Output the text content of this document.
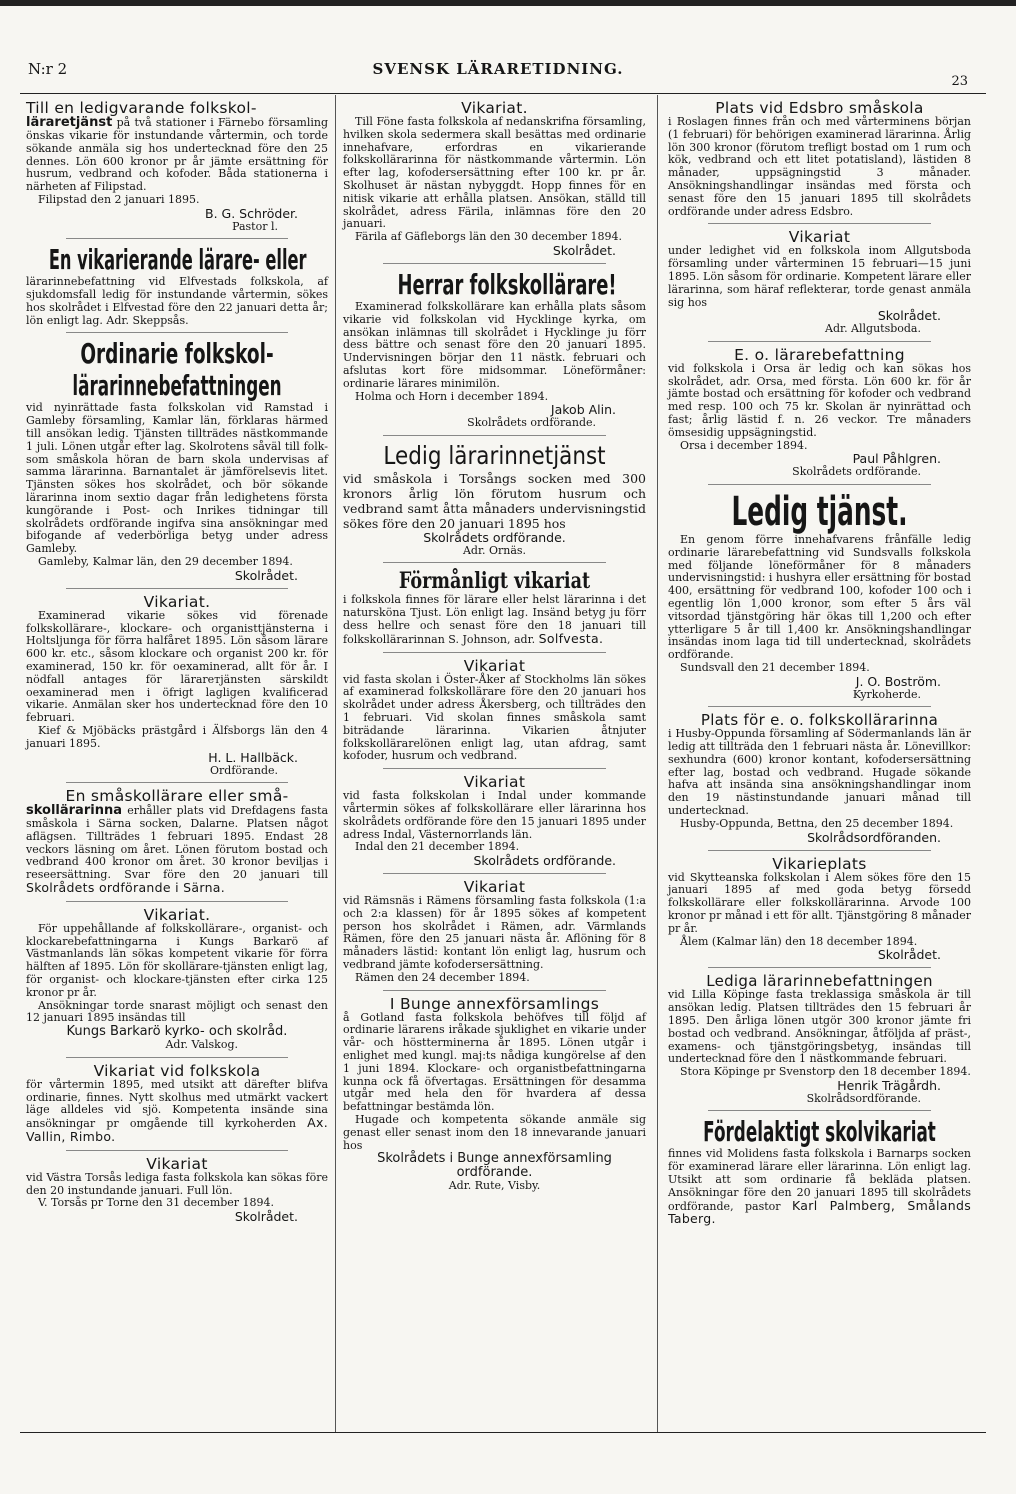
N:r 2	SVENSK LÄRARETIDNING.
23

Till en ledigvarande folkskol-

läraretjänst på två stationer i Färnebo församling önskas vikarie för instundande vårtermin, och torde sökande anmäla sig hos undertecknad före den 25 dennes. Lön 600 kronor pr år jämte ersättning för husrum, vedbrand och kofoder. Båda stationerna i närheten af Filipstad.

Filipstad den 2 januari 1895.

B. G. Schröder.
Pastor l.

En vikarierande lärare- eller

lärarinnebefattning vid Elfvestads folkskola, af sjukdomsfall ledig för instundande vårtermin, sökes hos skolrådet i Elfvestad före den 22 januari detta år; lön enligt lag. Adr. Skeppsås.

Ordinarie folkskol-

lärarinnebefattningen

vid nyinrättade fasta folkskolan vid Ramstad i Gamleby församling, Kamlar län, förklaras härmed till ansökan ledig. Tjänsten tillträdes nästkommande 1 juli. Lönen utgår efter lag. Skolrotens såväl till folk- som småskola höran de barn skola undervisas af samma lärarinna. Barnantalet är jämförelsevis litet. Tjänsten sökes hos skolrådet, och bör sökande lärarinna inom sextio dagar från ledighetens första kungörande i Post- och Inrikes tidningar till skolrådets ordförande ingifva sina ansökningar med bifogande af vederbörliga betyg under adress Gamleby.

Gamleby, Kalmar län, den 29 december 1894.

Skolrådet.

Vikariat.

Examinerad vikarie sökes vid förenade folkskollärare-, klockare- och organisttjänsterna i Holtsljunga för förra halfåret 1895. Lön såsom lärare 600 kr. etc., såsom klockare och organist 200 kr. för examinerad, 150 kr. för oexaminerad, allt för år. I nödfall antages för lärarетjänsten särskildt oexaminerad men i öfrigt lagligen kvalificerad vikarie. Anmälan sker hos undertecknad före den 10 februari.

Kief & Mjöbäcks prästgård i Älfsborgs län den 4 januari 1895.

H. L. Hallbäck.
Ordförande.

En småskollärare eller små-

skollärarinna erhåller plats vid Drefdagens fasta småskola i Särna socken, Dalarne. Platsen något aflägsen. Tillträdes 1 februari 1895. Endast 28 veckors läsning om året. Lönen förutom bostad och vedbrand 400 kronor om året. 30 kronor beviljas i reseersättning. Svar före den 20 januari till Skolrådets ordförande i Särna.

Vikariat.

För uppehållande af folkskollärare-, organist- och klockarebefattningarna i Kungs Barkarö af Västmanlands län sökas kompetent vikarie för förra hälften af 1895. Lön för skollärare-tjänsten enligt lag, för organist- och klockare-tjänsten efter cirka 125 kronor pr år.

Ansökningar torde snarast möjligt och senast den 12 januari 1895 insändas till

Kungs Barkarö kyrko- och skolråd.
Adr. Valskog.

Vikariat vid folkskola

för vårtermin 1895, med utsikt att därefter blifva ordinarie, finnes. Nytt skolhus med utmärkt vackert läge alldeles vid sjö. Kompetenta insände sina ansökningar pr omgående till kyrkoherden Ax. Vallin, Rimbo.

Vikariat

vid Västra Torsås lediga fasta folkskola kan sökas före den 20 instundande januari. Full lön.

V. Torsås pr Torne den 31 december 1894.

Skolrådet.

Vikariat.

Till Föne fasta folkskola af nedanskrifna församling, hvilken skola sedermera skall besättas med ordinarie innehafvare, erfordras en vikarierande folkskollärarinna för nästkommande vårtermin. Lön efter lag, kofodersersättning efter 100 kr. pr år. Skolhuset är nästan nybyggdt. Hopp finnes för en nitisk vikarie att erhålla platsen. Ansökan, ställd till skolrådet, adress Färila, inlämnas före den 20 januari.

Färila af Gäfleborgs län den 30 december 1894.

Skolrådet.

Herrar folkskollärare!

Examinerad folkskollärare kan erhålla plats såsom vikarie vid folkskolan vid Hycklinge kyrka, om ansökan inlämnas till skolrådet i Hycklinge ju förr dess bättre och senast före den 20 januari 1895. Undervisningen börjar den 11 nästk. februari och afslutas kort före midsommar. Löneförmåner: ordinarie lärares minimilön.

Holma och Horn i december 1894.

Jakob Alin.
Skolrådets ordförande.

Ledig lärarinnetjänst

vid småskola i Torsångs socken med 300 kronors årlig lön förutom husrum och vedbrand samt åtta månaders undervisningstid sökes före den 20 januari 1895 hos

Skolrådets ordförande.
Adr. Ornäs.

Förmånligt vikariat

i folkskola finnes för lärare eller helst lärarinna i det natursköna Tjust. Lön enligt lag. Insänd betyg ju förr dess hellre och senast före den 18 januari till folkskollärarinnan S. Johnson, adr. Solfvesta.

Vikariat

vid fasta skolan i Öster-Åker af Stockholms län sökes af examinerad folkskollärare före den 20 januari hos skolrådet under adress Åkersberg, och tillträdes den 1 februari. Vid skolan finnes småskola samt biträdande lärarinna. Vikarien åtnjuter folkskollärarelönen enligt lag, utan afdrag, samt kofoder, husrum och vedbrand.

Vikariat

vid fasta folkskolan i Indal under kommande vårtermin sökes af folkskollärare eller lärarinna hos skolrådets ordförande före den 15 januari 1895 under adress Indal, Västernorrlands län.

Indal den 21 december 1894.

Skolrådets ordförande.

Vikariat

vid Rämsnäs i Rämens församling fasta folkskola (1:a och 2:a klassen) för år 1895 sökes af kompetent person hos skolrådet i Rämen, adr. Värmlands Rämen, före den 25 januari nästa år. Aflöning för 8 månaders lästid: kontant lön enligt lag, husrum och vedbrand jämte kofodersersättning.

Rämen den 24 december 1894.

I Bunge annexförsamlings

å Gotland fasta folkskola behöfves till följd af ordinarie lärarens iråkade sjuklighet en vikarie under vår- och höstterminerna år 1895. Lönen utgår i enlighet med kungl. maj:ts nådiga kungörelse af den 1 juni 1894. Klockare- och organistbefattningarna kunna ock få öfvertagas. Ersättningen för desamma utgår med hela den för hvardera af dessa befattningar bestämda lön.

Hugade och kompetenta sökande anmäle sig genast eller senast inom den 18 innevarande januari hos

Skolrådets i Bunge annexförsamling ordförande.
Adr. Rute, Visby.

Plats vid Edsbro småskola

i Roslagen finnes från och med vårterminens början (1 februari) för behörigen examinerad lärarinna. Årlig lön 300 kronor (förutom trefligt bostad om 1 rum och kök, vedbrand och ett litet potatisland), lästiden 8 månader, uppsägningstid 3 månader. Ansökningshandlingar insändas med första och senast före den 15 januari 1895 till skolrådets ordförande under adress Edsbro.

Vikariat

under ledighet vid en folkskola inom Allgutsboda församling under vårterminen 15 februari—15 juni 1895. Lön såsom för ordinarie. Kompetent lärare eller lärarinna, som häraf reflekterar, torde genast anmäla sig hos

Skolrådet.
Adr. Allgutsboda.

E. o. lärarebefattning

vid folkskola i Orsa är ledig och kan sökas hos skolrådet, adr. Orsa, med första. Lön 600 kr. för år jämte bostad och ersättning för kofoder och vedbrand med resp. 100 och 75 kr. Skolan är nyinrättad och fast; årlig lästid f. n. 26 veckor. Tre månaders ömsesidig uppsägningstid.

Orsa i december 1894.

Paul Påhlgren.
Skolrådets ordförande.

Ledig tjänst.

En genom förre innehafvarens frånfälle ledig ordinarie lärarebefattning vid Sundsvalls folkskola med följande löneförmåner för 8 månaders undervisningstid: i hushyra eller ersättning för bostad 400, ersättning för vedbrand 100, kofoder 100 och i egentlig lön 1,000 kronor, som efter 5 års väl vitsordad tjänstgöring här ökas till 1,200 och efter ytterligare 5 år till 1,400 kr. Ansökningshandlingar insändas inom laga tid till undertecknad, skolrådets ordförande.

Sundsvall den 21 december 1894.

J. O. Boström.
Kyrkoherde.

Plats för e. o. folkskollärarinna

i Husby-Oppunda församling af Södermanlands län är ledig att tillträda den 1 februari nästa år. Lönevillkor: sexhundra (600) kronor kontant, kofodersersättning efter lag, bostad och vedbrand. Hugade sökande hafva att insända sina ansökningshandlingar inom den 19 nästinstundande januari månad till undertecknad.

Husby-Oppunda, Bettna, den 25 december 1894.

Skolrådsordföranden.

Vikarieplats

vid Skytteanska folkskolan i Alem sökes före den 15 januari 1895 af med goda betyg försedd folkskollärare eller folkskollärarinna. Arvode 100 kronor pr månad i ett för allt. Tjänstgöring 8 månader pr år.

Ålem (Kalmar län) den 18 december 1894.

Skolrådet.

Lediga lärarinnebefattningen

vid Lilla Köpinge fasta treklassiga småskola är till ansökan ledig. Platsen tillträdes den 15 februari år 1895. Den årliga lönen utgör 300 kronor jämte fri bostad och vedbrand. Ansökningar, åtföljda af präst-, examens- och tjänstgöringsbetyg, insändas till undertecknad före den 1 nästkommande februari.

Stora Köpinge pr Svenstorp den 18 december 1894.

Henrik Trägårdh.
Skolrådsordförande.

Fördelaktigt skolvikariat

finnes vid Molidens fasta folkskola i Barnarps socken för examinerad lärare eller lärarinna. Lön enligt lag. Utsikt att som ordinarie få bekläda platsen. Ansökningar före den 20 januari 1895 till skolrådets ordförande, pastor Karl Palmberg, Smålands Taberg.
